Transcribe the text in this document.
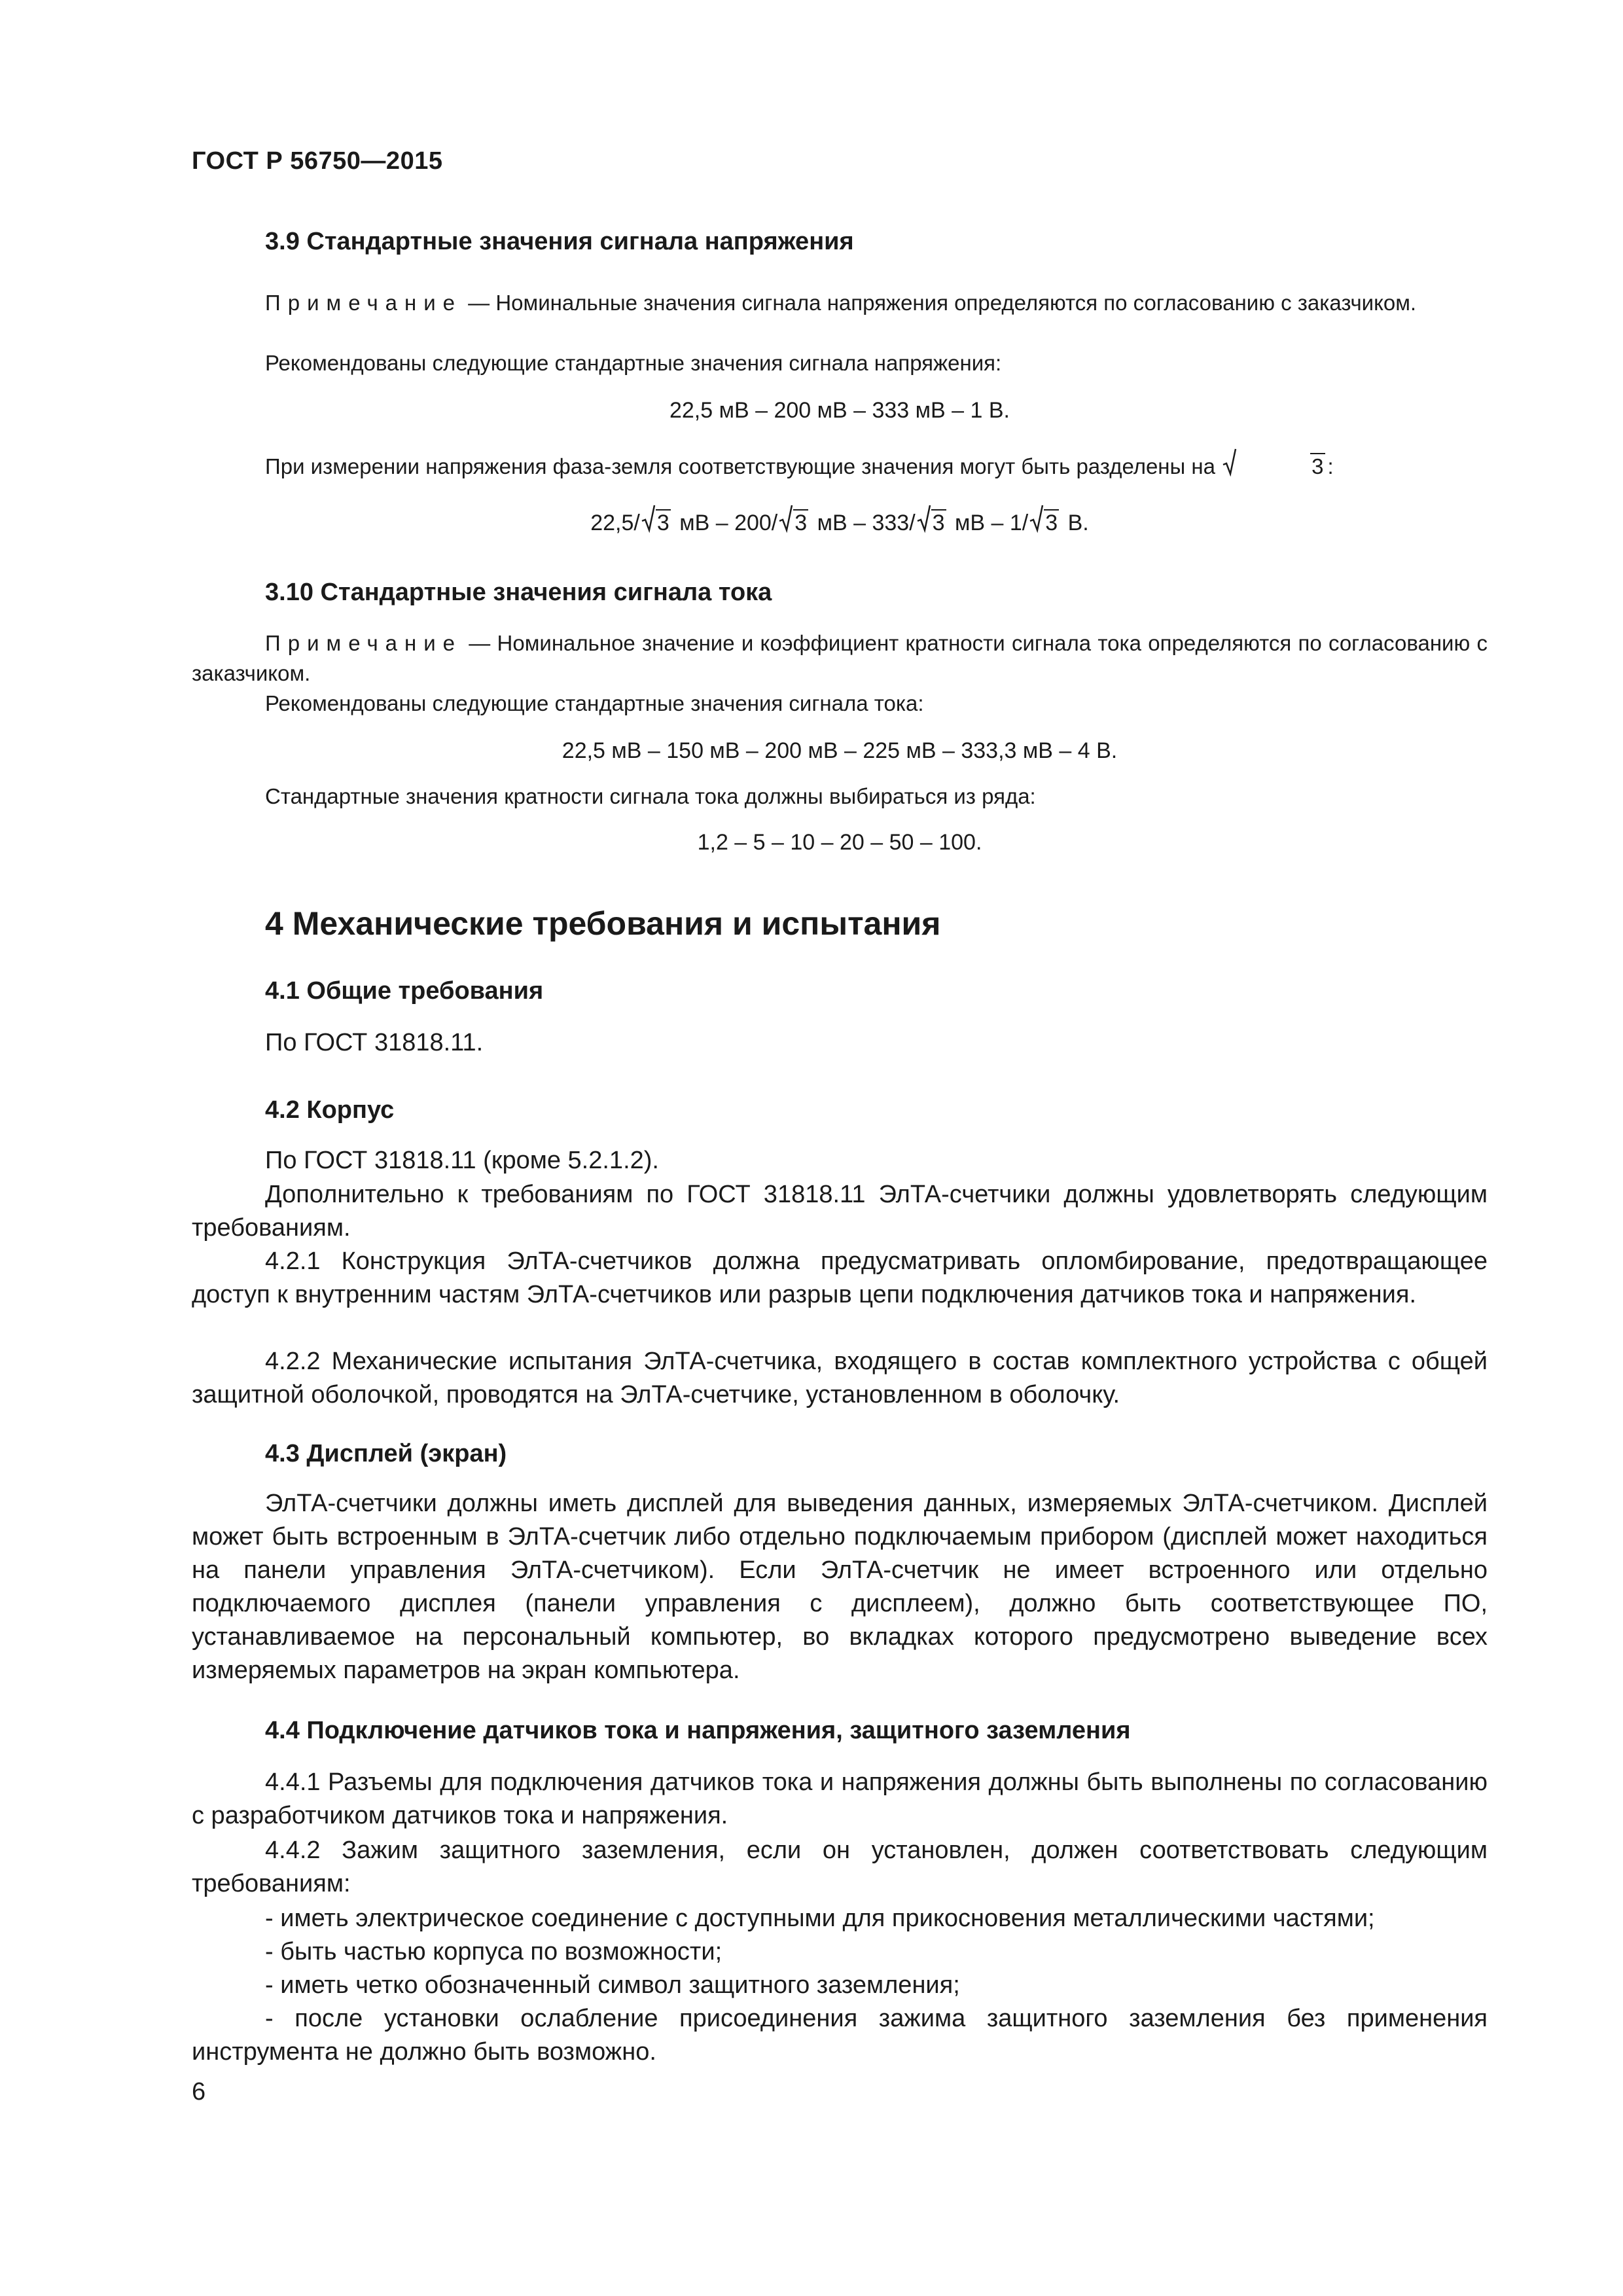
ГОСТ Р 56750—2015
3.9 Стандартные значения сигнала напряжения
Примечание — Номинальные значения сигнала напряжения определяются по согласованию с заказчиком.
Рекомендованы следующие стандартные значения сигнала напряжения:
22,5 мВ – 200 мВ – 333 мВ – 1 В.
При измерении напряжения фаза-земля соответствующие значения могут быть разделены на	3 :
22,5/ 3 мВ – 200/ 3 мВ – 333/ 3 мВ – 1/ 3 В.
3.10 Стандартные значения сигнала тока
Примечание — Номинальное значение и коэффициент кратности сигнала тока определяются по согласованию с заказчиком.
Рекомендованы следующие стандартные значения сигнала тока:
22,5 мВ – 150 мВ – 200 мВ – 225 мВ – 333,3 мВ – 4 В.
Стандартные значения кратности сигнала тока должны выбираться из ряда:
1,2 – 5 – 10 – 20 – 50 – 100.
4 Механические требования и испытания
4.1 Общие требования
По ГОСТ 31818.11.
4.2 Корпус
По ГОСТ 31818.11 (кроме 5.2.1.2).
Дополнительно к требованиям по ГОСТ 31818.11 ЭлТА-счетчики должны удовлетворять следующим требованиям.
4.2.1 Конструкция ЭлТА-счетчиков должна предусматривать опломбирование, предотвращающее доступ к внутренним частям ЭлТА-счетчиков или разрыв цепи подключения датчиков тока и напряжения.
4.2.2 Механические испытания ЭлТА-счетчика, входящего в состав комплектного устройства с общей защитной оболочкой, проводятся на ЭлТА-счетчике, установленном в оболочку.
4.3 Дисплей (экран)
ЭлТА-счетчики должны иметь дисплей для выведения данных, измеряемых ЭлТА-счетчиком. Дисплей может быть встроенным в ЭлТА-счетчик либо отдельно подключаемым прибором (дисплей может находиться на панели управления ЭлТА-счетчиком). Если ЭлТА-счетчик не имеет встроенного или отдельно подключаемого дисплея (панели управления с дисплеем), должно быть соответствующее ПО, устанавливаемое на персональный компьютер, во вкладках которого предусмотрено выведение всех измеряемых параметров на экран компьютера.
4.4 Подключение датчиков тока и напряжения, защитного заземления
4.4.1 Разъемы для подключения датчиков тока и напряжения должны быть выполнены по согласованию с разработчиком датчиков тока и напряжения.
4.4.2 Зажим защитного заземления, если он установлен, должен соответствовать следующим требованиям:
- иметь электрическое соединение с доступными для прикосновения металлическими частями;
- быть частью корпуса по возможности;
- иметь четко обозначенный символ защитного заземления;
- после установки ослабление присоединения зажима защитного заземления без применения инструмента не должно быть возможно.
6
